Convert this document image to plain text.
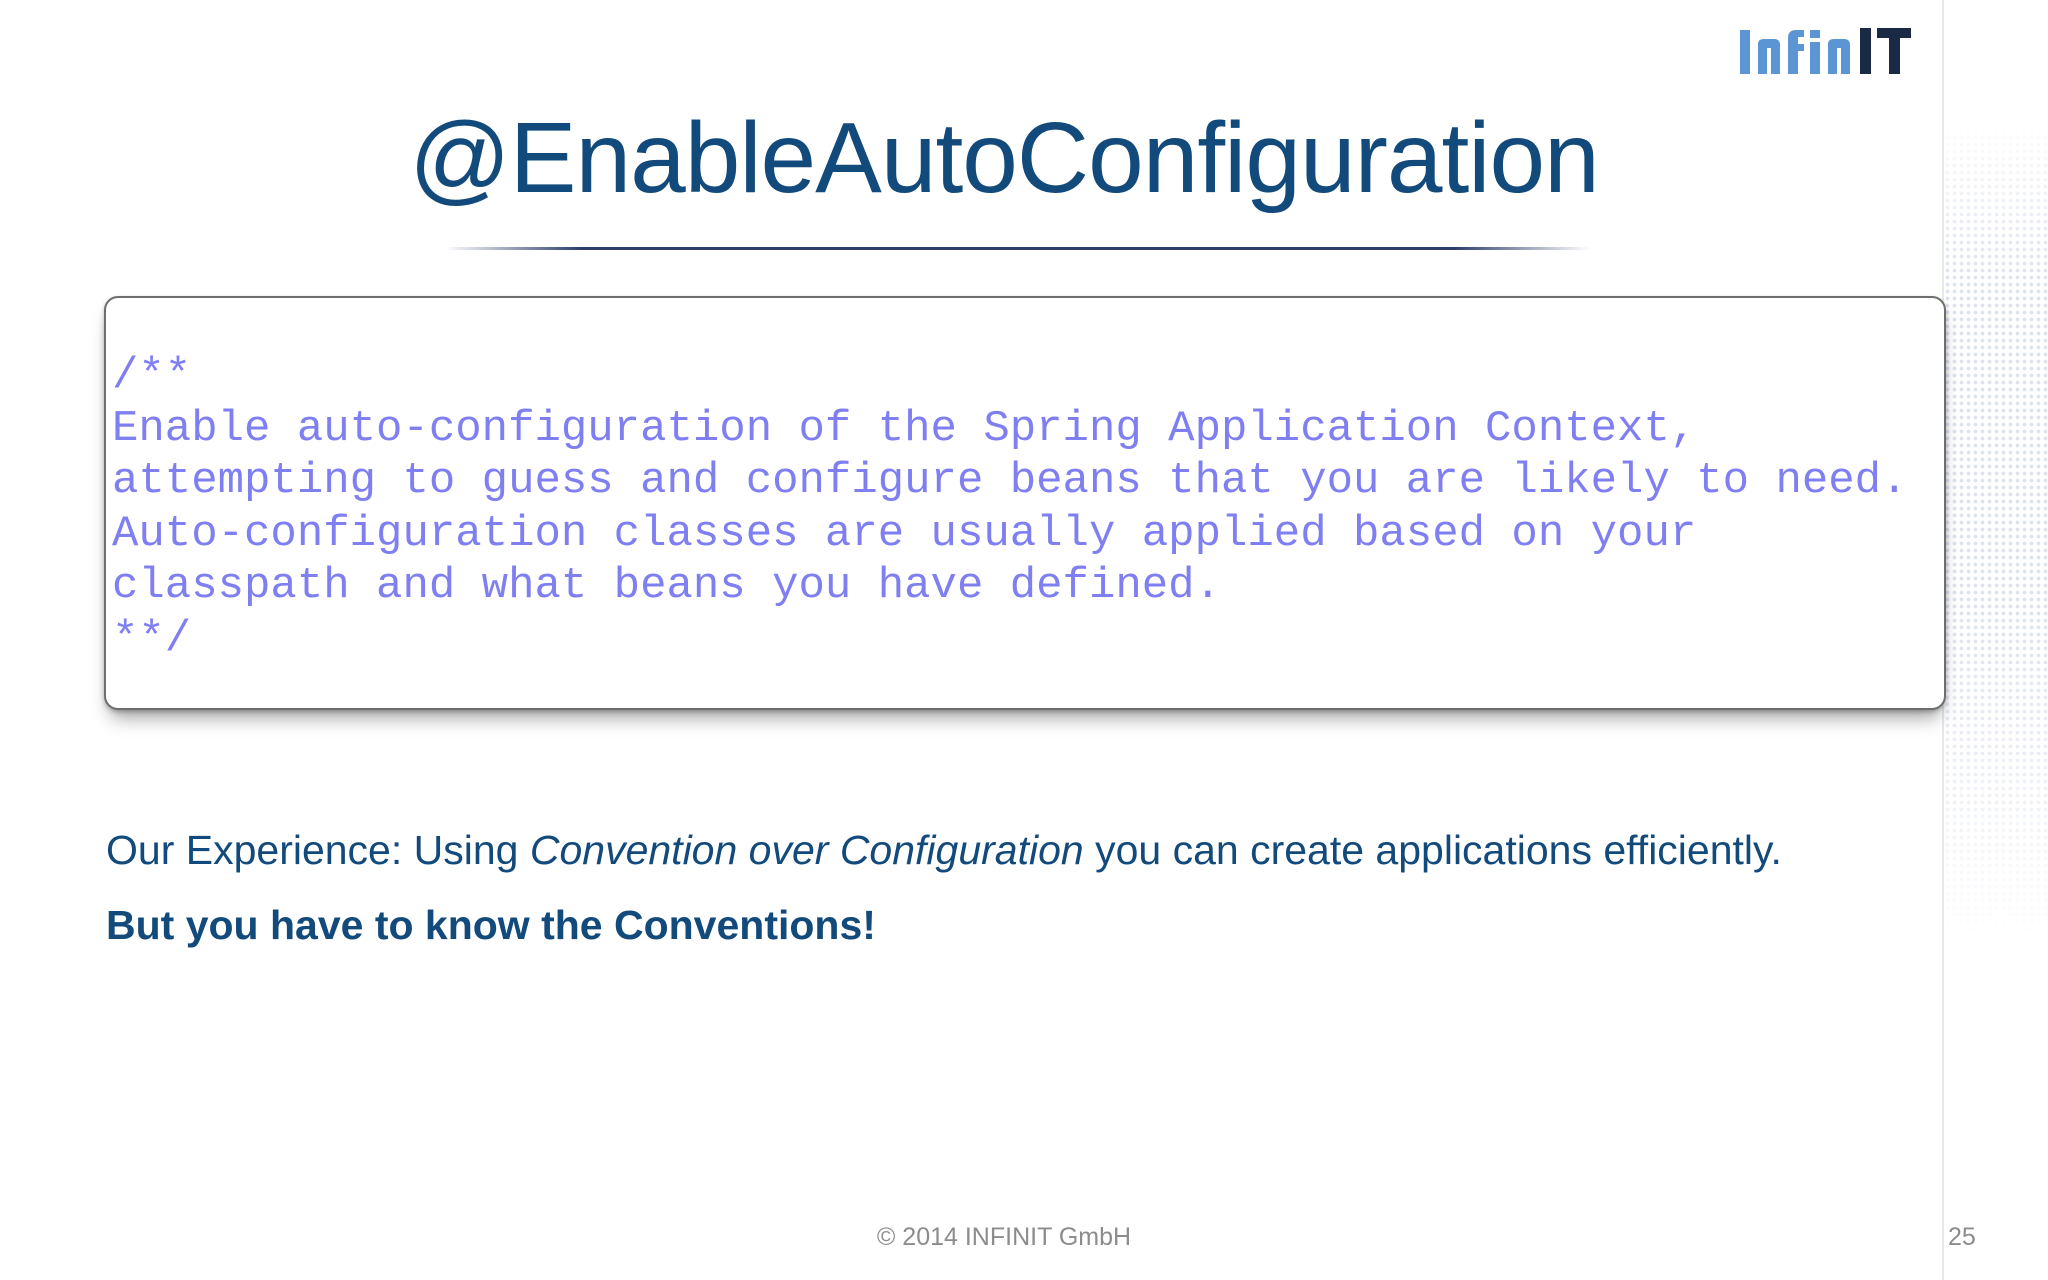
@EnableAutoConfiguration
/**
Enable auto-configuration of the Spring Application Context,
attempting to guess and configure beans that you are likely to need.
Auto-configuration classes are usually applied based on your
classpath and what beans you have defined.
**/
Our Experience: Using Convention over Configuration you can create applications efficiently.
But you have to know the Conventions!
© 2014 INFINIT GmbH	25
